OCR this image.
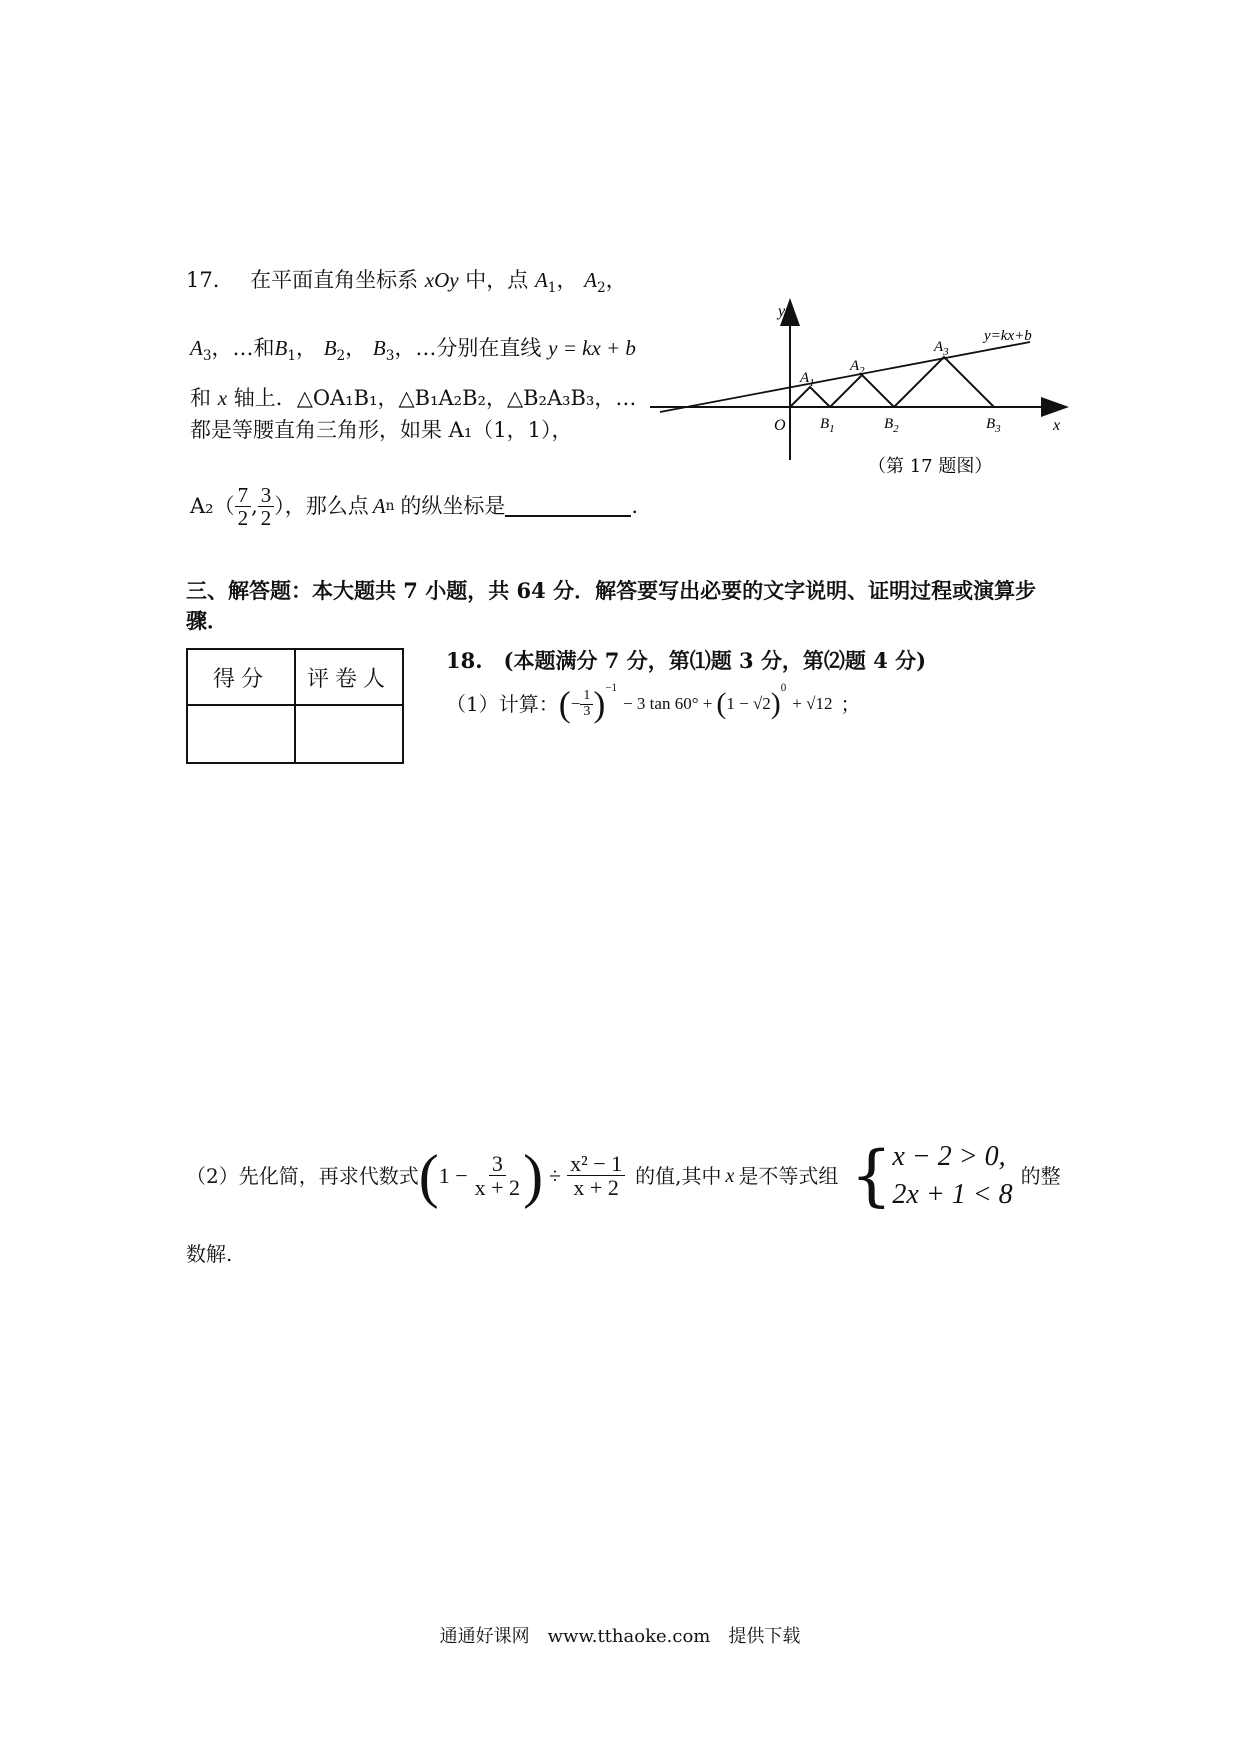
17. 在平面直角坐标系 xOy 中，点 $A_1$， $A_2$，
$A_3$，…和$B_1$， $B_2$， $B_3$，…分别在直线 y = kx + b
和 x 轴上．△OA₁B₁，△B₁A₂B₂，△B₂A₃B₃，…
都是等腰直角三角形，如果 A₁（1，1），
$A_2( \frac{7}{2}$ , $\frac{3}{2}$ ），那么点 A n 的纵坐标是	.
y
x
O
y=kx+b
$A_1$
$A_2$
$A_3$
$B_1$	$B_2$	$B_3$
（第 17 题图）
三、解答题：本大题共 7 小题，共 64 分．解答要写出必要的文字说明、证明过程或演算步
骤．
得分	评卷人

18.　(本题满分 7 分，第⑴题 3 分，第⑵题 4 分)
（1）计算： ( − $\frac{1}{3} )^{-1}$
− 3 tan 60° + ( 1 − √2 )$^0$
+ √12 ；
（2）先化简，再求代数式 ( $1 - \frac{3}{x + 2}$ ) ÷ $\frac{\text{x² − 1}}{x + 2}$ 的值,其中 x 是不等式组 { x − 2 > 0,
2x + 1 < 8
的整
数解.
通通好课网　www.tthaoke.com　提供下载
